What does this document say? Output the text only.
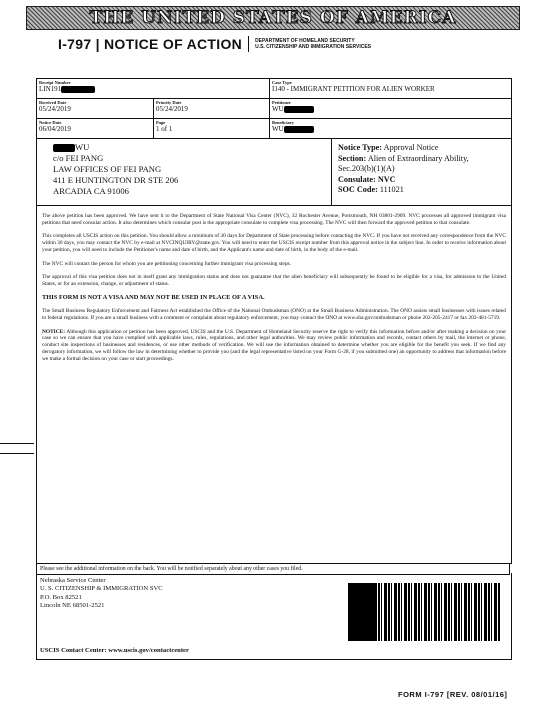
THE UNITED STATES OF AMERICA
I-797 | NOTICE OF ACTION	DEPARTMENT OF HOMELAND SECURITY
U.S. CITIZENSHIP AND IMMIGRATION SERVICES
Receipt Number
LIN191
Case Type
I140 - IMMIGRANT PETITION FOR ALIEN WORKER
Received Date
05/24/2019
Priority Date
05/24/2019
Petitioner
WU
Notice Date
06/04/2019
Page
1 of 1
Beneficiary
WU
WU
c/o FEI PANG
LAW OFFICES OF FEI PANG
411 E HUNTINGTON DR STE 206
ARCADIA CA 91006
Notice Type: Approval Notice
Section: Alien of Extraordinary Ability,
Sec.203(b)(1)(A)
Consulate: NVC
SOC Code: 111021

The above petition has been approved. We have sent it to the Department of State National Visa Center (NVC), 32 Rochester Avenue, Portsmouth, NH 03801-2909. NVC processes all approved immigrant visa petitions that need consular action. It also determines which consular post is the appropriate consulate to complete visa processing. The NVC will then forward the approved petition to that consulate.

This completes all USCIS action on this petition. You should allow a minimum of 30 days for Department of State processing before contacting the NVC. If you have not received any correspondence from the NVC within 30 days, you may contact the NVC by e-mail at NVCINQUIRY@state.gov. You will need to enter the USCIS receipt number from this approval notice in the subject line. In order to receive information about your petition, you will need to include the Petitioner's name and date of birth, and the Applicant's name and date of birth, in the body of the e-mail.

The NVC will contact the person for whom you are petitioning concerning further immigrant visa processing steps.

The approval of this visa petition does not in itself grant any immigration status and does not guarantee that the alien beneficiary will subsequently be found to be eligible for a visa, for admission to the United States, or for an extension, change, or adjustment of status.

THIS FORM IS NOT A VISA AND MAY NOT BE USED IN PLACE OF A VISA.

The Small Business Regulatory Enforcement and Fairness Act established the Office of the National Ombudsman (ONO) at the Small Business Administration. The ONO assists small businesses with issues related to federal regulations. If you are a small business with a comment or complaint about regulatory enforcement, you may contact the ONO at www.sba.gov/ombudsman or phone 202-205-2417 or fax 202-481-5719.

NOTICE: Although this application or petition has been approved, USCIS and the U.S. Department of Homeland Security reserve the right to verify this information before and/or after making a decision on your case so we can ensure that you have complied with applicable laws, rules, regulations, and other legal authorities. We may review public information and records, contact others by mail, the internet or phone, conduct site inspections of businesses and residences, or use other methods of verification. We will use the information obtained to determine whether you are eligible for the benefit you seek. If we find any derogatory information, we will follow the law in determining whether to provide you (and the legal representative listed on your Form G-28, if you submitted one) an opportunity to address that information before we make a formal decision on your case or start proceedings.

Please see the additional information on the back. You will be notified separately about any other cases you filed.
Nebraska Service Center
U. S. CITIZENSHIP & IMMIGRATION SVC
P.O. Box 82521
Lincoln NE 68501-2521
USCIS Contact Center: www.uscis.gov/contactcenter
FORM I-797 [REV. 08/01/16]
